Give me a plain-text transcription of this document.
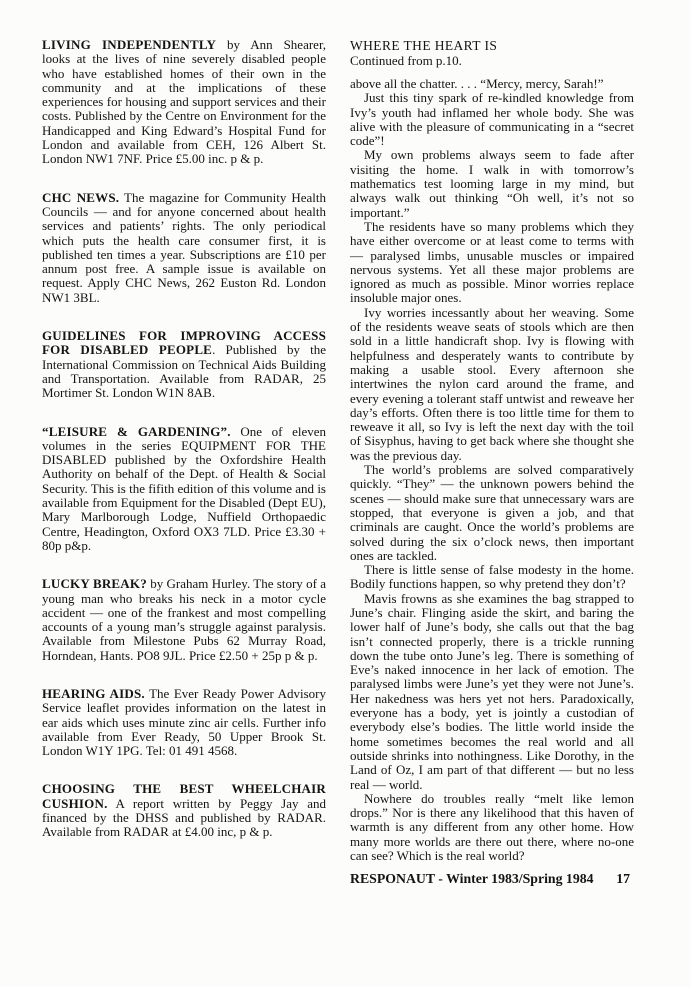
LIVING INDEPENDENTLY by Ann Shearer, looks at the lives of nine severely disabled people who have established homes of their own in the community and at the implications of these experiences for housing and support services and their costs. Published by the Centre on Environment for the Handicapped and King Edward’s Hospital Fund for London and available from CEH, 126 Albert St. London NW1 7NF. Price £5.00 inc. p & p.

CHC NEWS. The magazine for Community Health Councils — and for anyone concerned about health services and patients’ rights. The only periodical which puts the health care consumer first, it is published ten times a year. Subscriptions are £10 per annum post free. A sample issue is available on request. Apply CHC News, 262 Euston Rd. London NW1 3BL.

GUIDELINES FOR IMPROVING ACCESS FOR DISABLED PEOPLE. Published by the International Commission on Technical Aids Building and Transportation. Available from RADAR, 25 Mortimer St. London W1N 8AB.

“LEISURE & GARDENING”. One of eleven volumes in the series EQUIPMENT FOR THE DISABLED published by the Oxfordshire Health Authority on behalf of the Dept. of Health & Social Security. This is the fifith edition of this volume and is available from Equipment for the Disabled (Dept EU), Mary Marlborough Lodge, Nuffield Orthopaedic Centre, Headington, Oxford OX3 7LD. Price £3.30 + 80p p&p.

LUCKY BREAK? by Graham Hurley. The story of a young man who breaks his neck in a motor cycle accident — one of the frankest and most compelling accounts of a young man’s struggle against paralysis. Available from Milestone Pubs 62 Murray Road, Horndean, Hants. PO8 9JL. Price £2.50 + 25p p & p.

HEARING AIDS. The Ever Ready Power Advisory Service leaflet provides information on the latest in ear aids which uses minute zinc air cells. Further info available from Ever Ready, 50 Upper Brook St. London W1Y 1PG. Tel: 01 491 4568.

CHOOSING THE BEST WHEELCHAIR CUSHION. A report written by Peggy Jay and financed by the DHSS and published by RADAR. Available from RADAR at £4.00 inc, p & p.

WHERE THE HEART IS
Continued from p.10.

above all the chatter. . . . “Mercy, mercy, Sarah!”

Just this tiny spark of re-kindled knowledge from Ivy’s youth had inflamed her whole body. She was alive with the pleasure of communicating in a “secret code”!

My own problems always seem to fade after visiting the home. I walk in with tomorrow’s mathematics test looming large in my mind, but always walk out thinking “Oh well, it’s not so important.”

The residents have so many problems which they have either overcome or at least come to terms with — paralysed limbs, unusable muscles or impaired nervous systems. Yet all these major problems are ignored as much as possible. Minor worries replace insoluble major ones.

Ivy worries incessantly about her weaving. Some of the residents weave seats of stools which are then sold in a little handicraft shop. Ivy is flowing with helpfulness and desperately wants to contribute by making a usable stool. Every afternoon she intertwines the nylon card around the frame, and every evening a tolerant staff untwist and reweave her day’s efforts. Often there is too little time for them to reweave it all, so Ivy is left the next day with the toil of Sisyphus, having to get back where she thought she was the previous day.

The world’s problems are solved comparatively quickly. “They” — the unknown powers behind the scenes — should make sure that unnecessary wars are stopped, that everyone is given a job, and that criminals are caught. Once the world’s problems are solved during the six o’clock news, then important ones are tackled.

There is little sense of false modesty in the home. Bodily functions happen, so why pretend they don’t?

Mavis frowns as she examines the bag strapped to June’s chair. Flinging aside the skirt, and baring the lower half of June’s body, she calls out that the bag isn’t connected properly, there is a trickle running down the tube onto June’s leg. There is something of Eve’s naked innocence in her lack of emotion. The paralysed limbs were June’s yet they were not June’s. Her nakedness was hers yet not hers. Paradoxically, everyone has a body, yet is jointly a custodian of everybody else’s bodies. The little world inside the home sometimes becomes the real world and all outside shrinks into nothingness. Like Dorothy, in the Land of Oz, I am part of that different — but no less real — world.

Nowhere do troubles really “melt like lemon drops.” Nor is there any likelihood that this haven of warmth is any different from any other home. How many more worlds are there out there, where no-one can see? Which is the real world?

RESPONAUT - Winter 1983/Spring 1984 17
